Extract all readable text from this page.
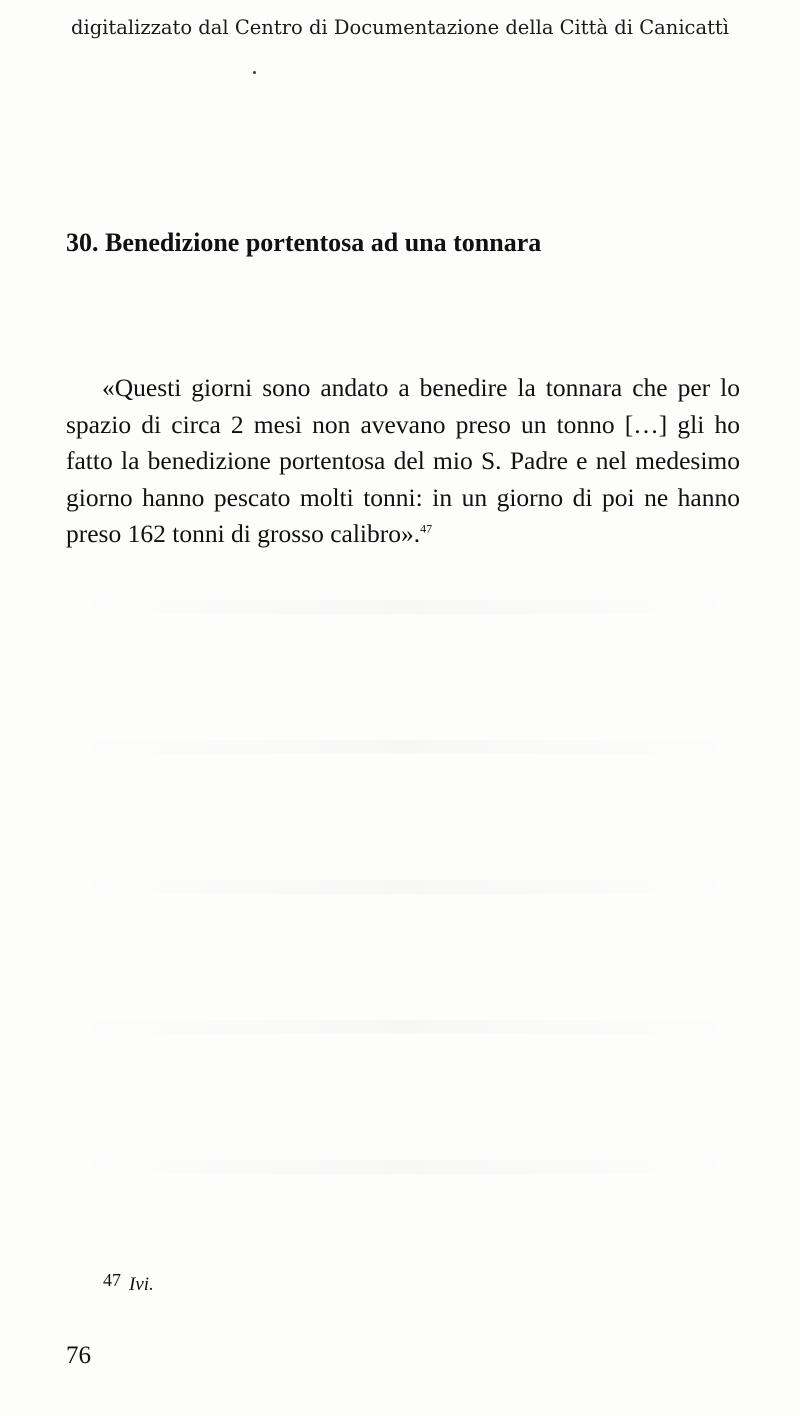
digitalizzato dal Centro di Documentazione della Città di Canicattì
30. Benedizione portentosa ad una tonnara

«Questi giorni sono andato a benedire la tonnara che per lo spazio di circa 2 mesi non avevano preso un tonno […] gli ho fatto la benedizione portentosa del mio S. Padre e nel medesimo giorno hanno pescato molti tonni: in un giorno di poi ne hanno preso 162 tonni di grosso calibro».$^{47}$

47 Ivi.
76
